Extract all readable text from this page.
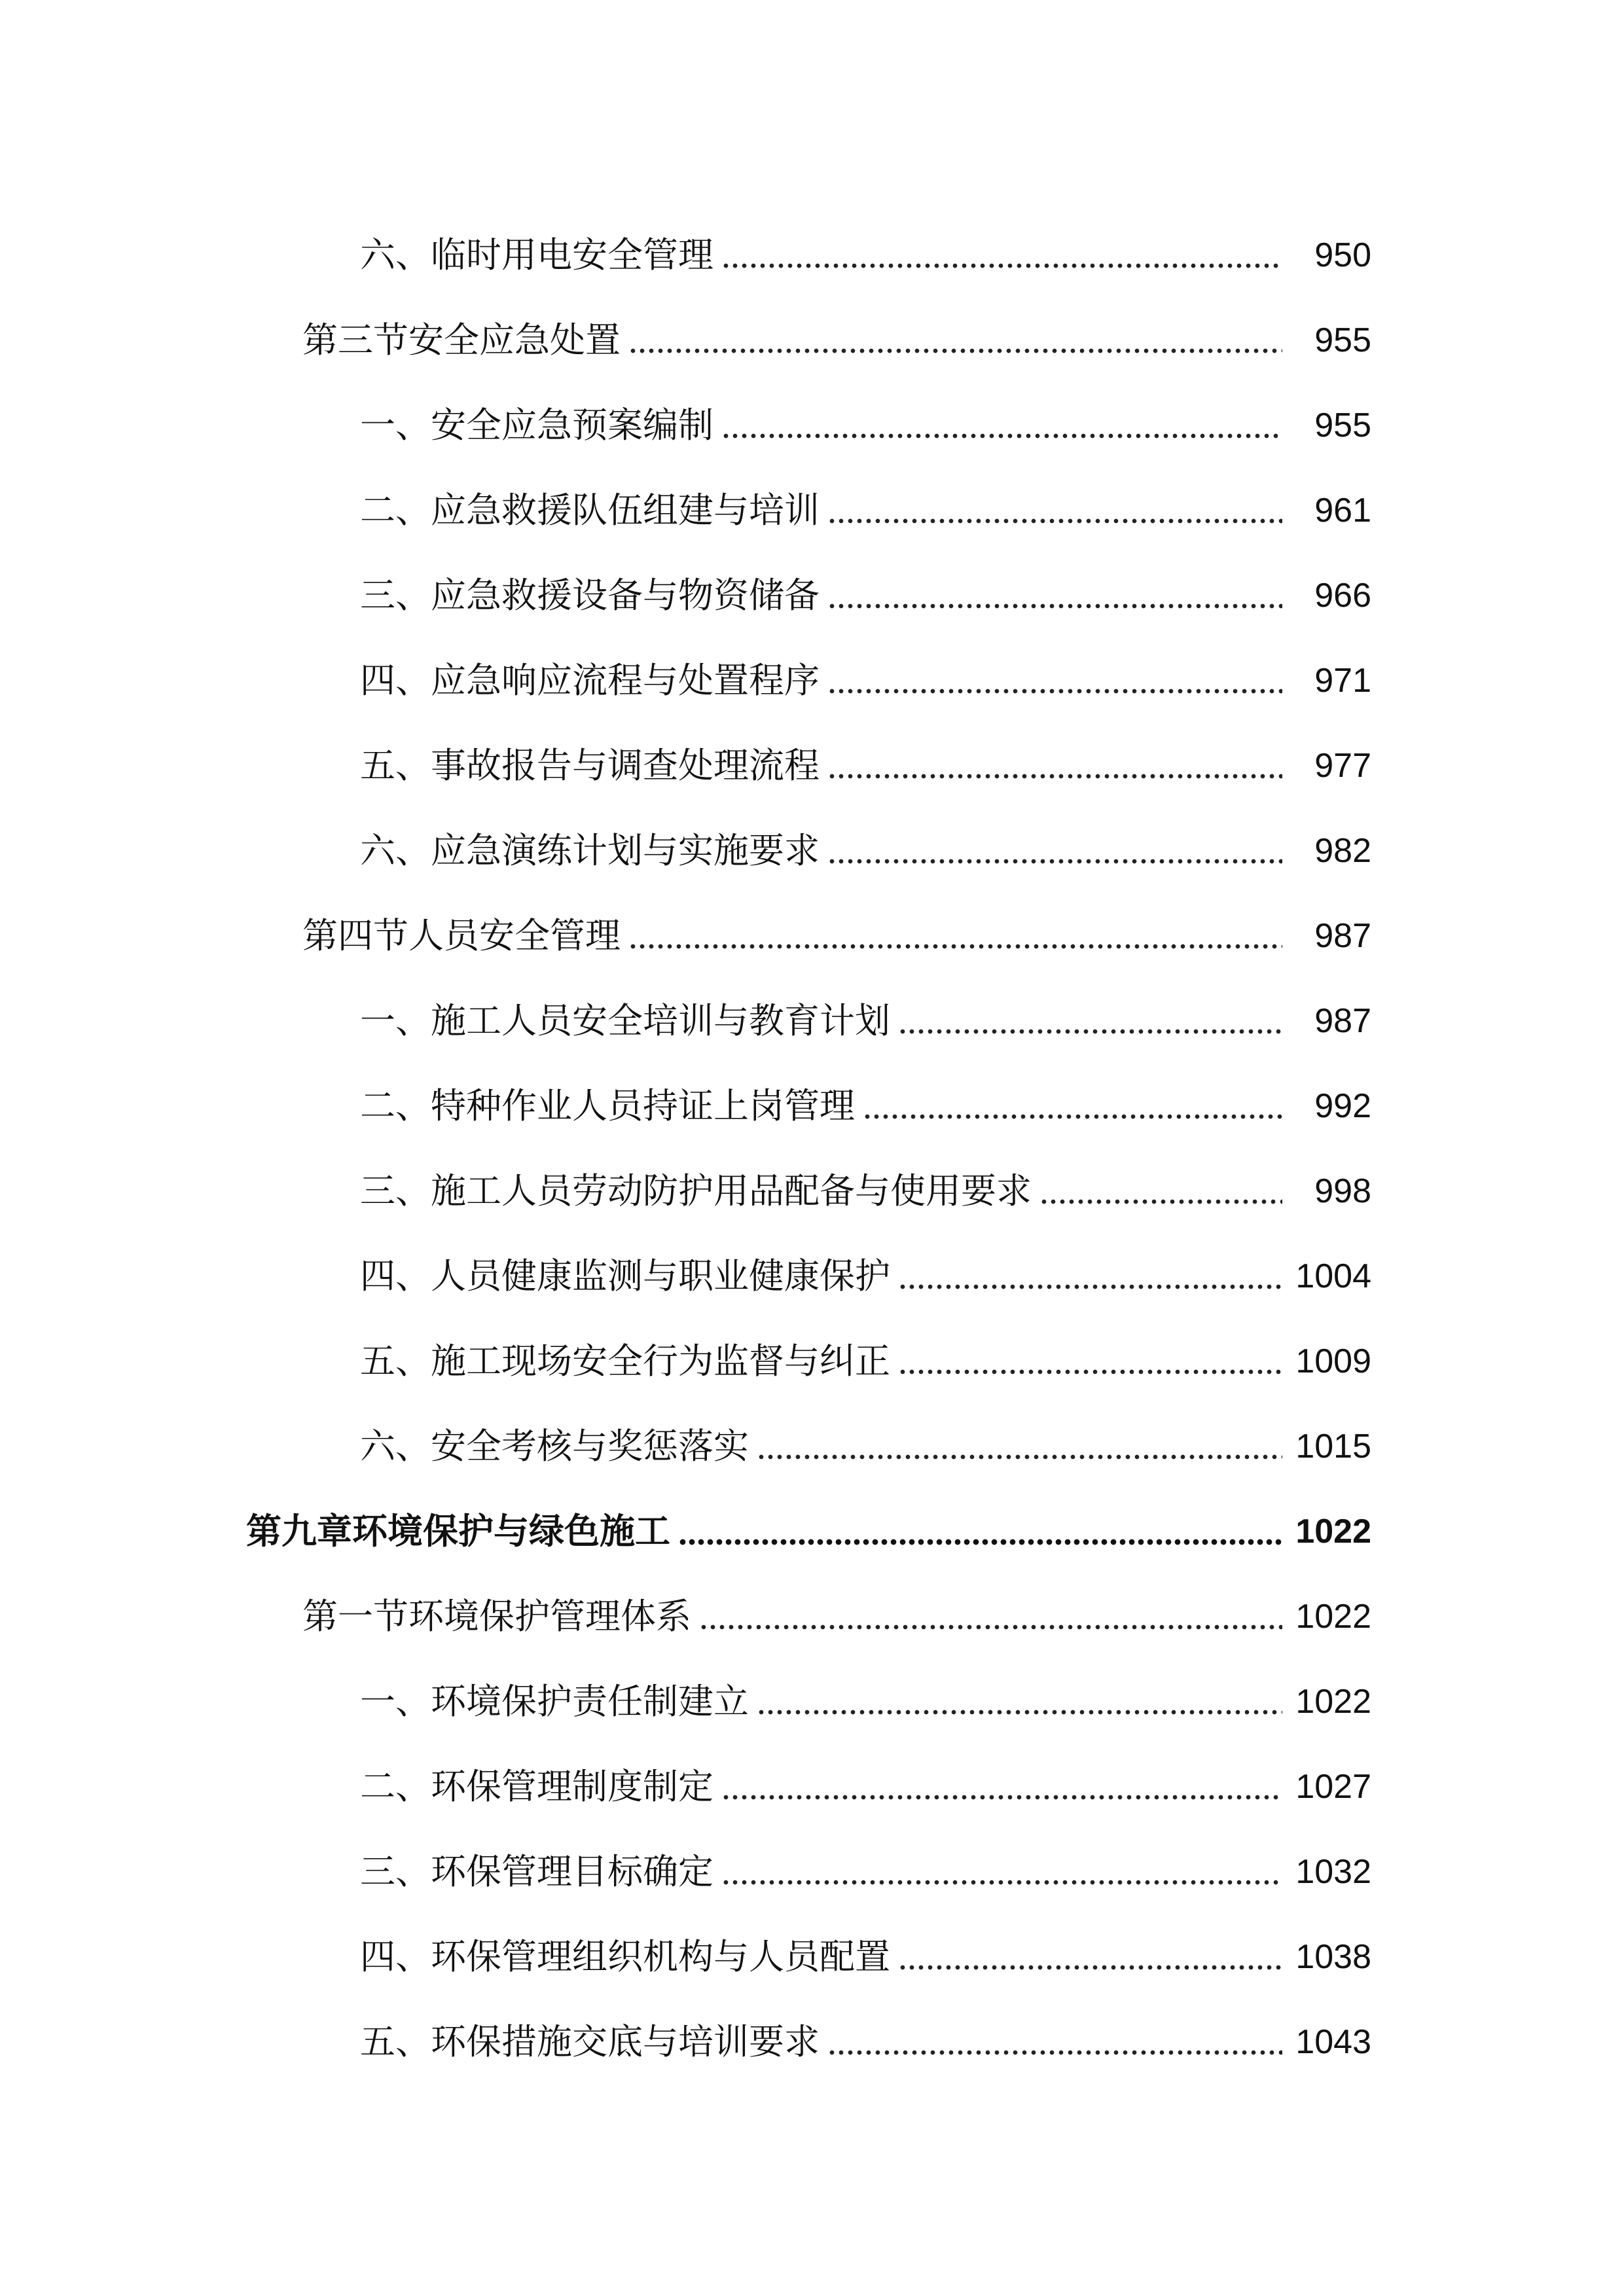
六、临时用电安全管理	950
第三节安全应急处置	955
一、安全应急预案编制	955
二、应急救援队伍组建与培训	961
三、应急救援设备与物资储备	966
四、应急响应流程与处置程序	971
五、事故报告与调查处理流程	977
六、应急演练计划与实施要求	982
第四节人员安全管理	987
一、施工人员安全培训与教育计划	987
二、特种作业人员持证上岗管理	992
三、施工人员劳动防护用品配备与使用要求	998
四、人员健康监测与职业健康保护	1004
五、施工现场安全行为监督与纠正	1009
六、安全考核与奖惩落实	1015
第九章环境保护与绿色施工	1022
第一节环境保护管理体系	1022
一、环境保护责任制建立	1022
二、环保管理制度制定	1027
三、环保管理目标确定	1032
四、环保管理组织机构与人员配置	1038
五、环保措施交底与培训要求	1043
